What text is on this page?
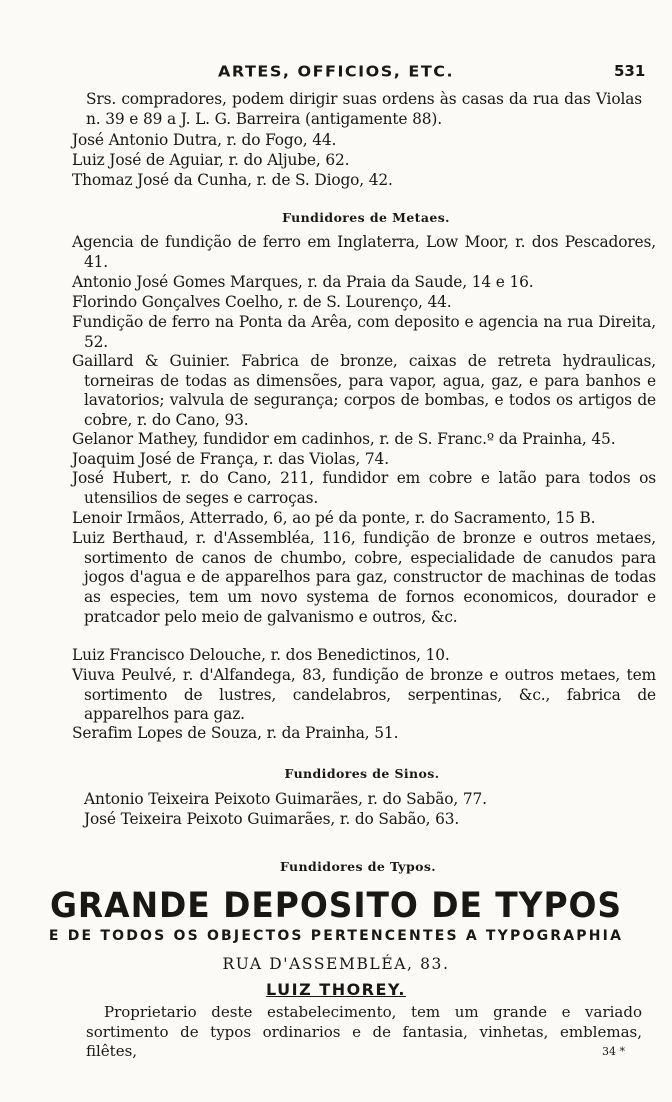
ARTES, OFFICIOS, ETC.	531

Srs. compradores, podem dirigir suas ordens às casas da rua das Violas n. 39 e 89 a J. L. G. Barreira (antigamente 88).

José Antonio Dutra, r. do Fogo, 44.

Luiz José de Aguiar, r. do Aljube, 62.

Thomaz José da Cunha, r. de S. Diogo, 42.

Fundidores de Metaes.

Agencia de fundição de ferro em Inglaterra, Low Moor, r. dos Pescadores, 41.

Antonio José Gomes Marques, r. da Praia da Saude, 14 e 16.

Florindo Gonçalves Coelho, r. de S. Lourenço, 44.

Fundição de ferro na Ponta da Arêa, com deposito e agencia na rua Direita, 52.

Gaillard & Guinier. Fabrica de bronze, caixas de retreta hydraulicas, torneiras de todas as dimensões, para vapor, agua, gaz, e para banhos e lavatorios; valvula de segurança; corpos de bombas, e todos os artigos de cobre, r. do Cano, 93.

Gelanor Mathey, fundidor em cadinhos, r. de S. Franc.º da Prainha, 45.

Joaquim José de França, r. das Violas, 74.

José Hubert, r. do Cano, 211, fundidor em cobre e latão para todos os utensilios de seges e carroças.

Lenoir Irmãos, Atterrado, 6, ao pé da ponte, r. do Sacramento, 15 B.

Luiz Berthaud, r. d'Assembléa, 116, fundição de bronze e outros metaes, sortimento de canos de chumbo, cobre, especialidade de canudos para jogos d'agua e de apparelhos para gaz, constructor de machinas de todas as especies, tem um novo systema de fornos economicos, dourador e pratcador pelo meio de galvanismo e outros, &c.

Luiz Francisco Delouche, r. dos Benedictinos, 10.

Viuva Peulvé, r. d'Alfandega, 83, fundição de bronze e outros metaes, tem sortimento de lustres, candelabros, serpentinas, &c., fabrica de apparelhos para gaz.

Serafim Lopes de Souza, r. da Prainha, 51.

Fundidores de Sinos.

Antonio Teixeira Peixoto Guimarães, r. do Sabão, 77.

José Teixeira Peixoto Guimarães, r. do Sabão, 63.

Fundidores de Typos.
GRANDE DEPOSITO DE TYPOS
E DE TODOS OS OBJECTOS PERTENCENTES A TYPOGRAPHIA
RUA D'ASSEMBLÉA, 83.
LUIZ THOREY.

Proprietario deste estabelecimento, tem um grande e variado sortimento de typos ordinarios e de fantasia, vinhetas, emblemas, filêtes,	34 *
